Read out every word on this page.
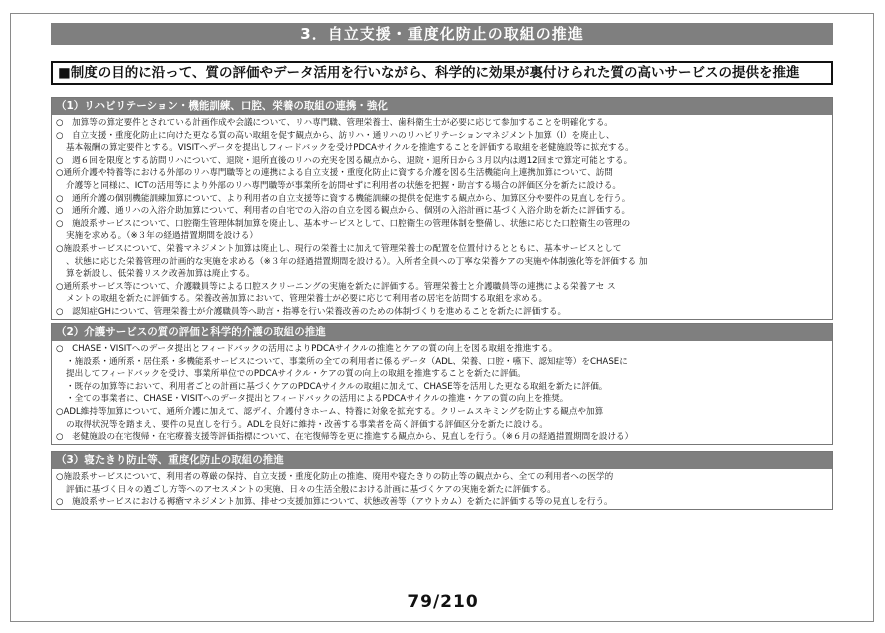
3．自立支援・重度化防止の取組の推進
■制度の目的に沿って、質の評価やデータ活用を行いながら、科学的に効果が裏付けられた質の高いサービスの提供を推進
（1）リハビリテーション・機能訓練、口腔、栄養の取組の連携・強化
○　加算等の算定要件とされている計画作成や会議について、リハ専門職、管理栄養士、歯科衛生士が必要に応じて参加することを明確化する。
○　自立支援・重度化防止に向けた更なる質の高い取組を促す観点から、訪リハ・通リハのリハビリテーションマネジメント加算（Ⅰ）を廃止し、
基本報酬の算定要件とする。VISITへデータを提出しフィードバックを受けPDCAサイクルを推進することを評価する取組を老健施設等に拡充する。
○　週６回を限度とする訪問リハについて、退院・退所直後のリハの充実を図る観点から、退院・退所日から３月以内は週12回まで算定可能とする。
○通所介護や特養等における外部のリハ専門職等との連携による自立支援・重度化防止に資する介護を図る生活機能向上連携加算について、訪問
介護等と同様に、ICTの活用等により外部のリハ専門職等が事業所を訪問せずに利用者の状態を把握・助言する場合の評価区分を新たに設ける。
○　通所介護の個別機能訓練加算について、より利用者の自立支援等に資する機能訓練の提供を促進する観点から、加算区分や要件の見直しを行う。
○　通所介護、通リハの入浴介助加算について、利用者の自宅での入浴の自立を図る観点から、個別の入浴計画に基づく入浴介助を新たに評価する。
○　施設系サービスについて、口腔衛生管理体制加算を廃止し、基本サービスとして、口腔衛生の管理体制を整備し、状態に応じた口腔衛生の管理の
実施を求める。（※３年の経過措置期間を設ける）
○施設系サービスについて、栄養マネジメント加算は廃止し、現行の栄養士に加えて管理栄養士の配置を位置付けるとともに、基本サービスとして
、状態に応じた栄養管理の計画的な実施を求める（※３年の経過措置期間を設ける）。入所者全員への丁寧な栄養ケアの実施や体制強化等を評価する 加
算を新設し、低栄養リスク改善加算は廃止する。
○通所系サービス等について、介護職員等による口腔スクリーニングの実施を新たに評価する。管理栄養士と介護職員等の連携による栄養アセ ス
メントの取組を新たに評価する。栄養改善加算において、管理栄養士が必要に応じて利用者の居宅を訪問する取組を求める。
○　認知症GHについて、管理栄養士が介護職員等へ助言・指導を行い栄養改善のための体制づくりを進めることを新たに評価する。
（2）介護サービスの質の評価と科学的介護の取組の推進
○　CHASE・VISITへのデータ提出とフィードバックの活用によりPDCAサイクルの推進とケアの質の向上を図る取組を推進する。
・施設系・通所系・居住系・多機能系サービスについて、事業所の全ての利用者に係るデータ（ADL、栄養、口腔・嚥下、認知症等）をCHASEに
提出してフィードバックを受け、事業所単位でのPDCAサイクル・ケアの質の向上の取組を推進することを新たに評価。
・既存の加算等において、利用者ごとの計画に基づくケアのPDCAサイクルの取組に加えて、CHASE等を活用した更なる取組を新たに評価。
・全ての事業者に、CHASE・VISITへのデータ提出とフィードバックの活用によるPDCAサイクルの推進・ケアの質の向上を推奨。
○ADL維持等加算について、通所介護に加えて、認デイ、介護付きホーム、特養に対象を拡充する。クリームスキミングを防止する観点や加算
の取得状況等を踏まえ、要件の見直しを行う。ADLを良好に維持・改善する事業者を高く評価する評価区分を新たに設ける。
○　老健施設の在宅復帰・在宅療養支援等評価指標について、在宅復帰等を更に推進する観点から、見直しを行う。（※６月の経過措置期間を設ける）
（3）寝たきり防止等、重度化防止の取組の推進
○施設系サービスについて、利用者の尊厳の保持、自立支援・重度化防止の推進、廃用や寝たきりの防止等の観点から、全ての利用者への医学的
評価に基づく日々の過ごし方等へのアセスメントの実施、日々の生活全般における計画に基づくケアの実施を新たに評価する。
○　施設系サービスにおける褥瘡マネジメント加算、排せつ支援加算について、状態改善等（アウトカム）を新たに評価する等の見直しを行う。
79/210
